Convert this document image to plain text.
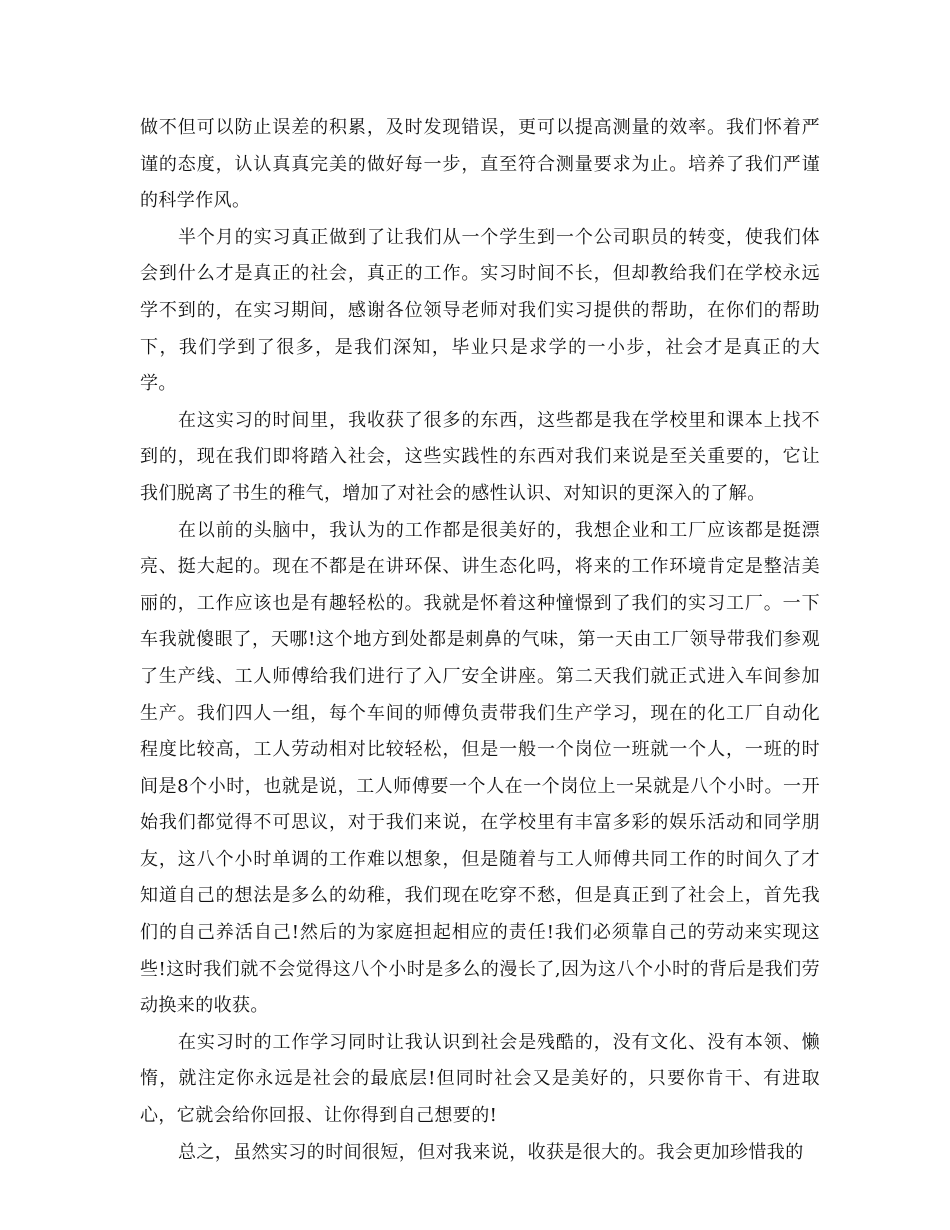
做不但可以防止误差的积累，及时发现错误，更可以提高测量的效率。我们怀着严谨的态度，认认真真完美的做好每一步，直至符合测量要求为止。培养了我们严谨的科学作风。

半个月的实习真正做到了让我们从一个学生到一个公司职员的转变，使我们体会到什么才是真正的社会，真正的工作。实习时间不长，但却教给我们在学校永远学不到的，在实习期间，感谢各位领导老师对我们实习提供的帮助，在你们的帮助下，我们学到了很多，是我们深知，毕业只是求学的一小步，社会才是真正的大学。

在这实习的时间里，我收获了很多的东西，这些都是我在学校里和课本上找不到的，现在我们即将踏入社会，这些实践性的东西对我们来说是至关重要的，它让我们脱离了书生的稚气，增加了对社会的感性认识、对知识的更深入的了解。

在以前的头脑中，我认为的工作都是很美好的，我想企业和工厂应该都是挺漂亮、挺大起的。现在不都是在讲环保、讲生态化吗，将来的工作环境肯定是整洁美丽的，工作应该也是有趣轻松的。我就是怀着这种憧憬到了我们的实习工厂。一下车我就傻眼了，天哪!这个地方到处都是刺鼻的气味，第一天由工厂领导带我们参观了生产线、工人师傅给我们进行了入厂安全讲座。第二天我们就正式进入车间参加生产。我们四人一组，每个车间的师傅负责带我们生产学习，现在的化工厂自动化程度比较高，工人劳动相对比较轻松，但是一般一个岗位一班就一个人，一班的时间是8个小时，也就是说，工人师傅要一个人在一个岗位上一呆就是八个小时。一开始我们都觉得不可思议，对于我们来说，在学校里有丰富多彩的娱乐活动和同学朋友，这八个小时单调的工作难以想象，但是随着与工人师傅共同工作的时间久了才知道自己的想法是多么的幼稚，我们现在吃穿不愁，但是真正到了社会上，首先我们的自己养活自己!然后的为家庭担起相应的责任!我们必须靠自己的劳动来实现这些!这时我们就不会觉得这八个小时是多么的漫长了,因为这八个小时的背后是我们劳动换来的收获。

在实习时的工作学习同时让我认识到社会是残酷的，没有文化、没有本领、懒惰，就注定你永远是社会的最底层!但同时社会又是美好的，只要你肯干、有进取心，它就会给你回报、让你得到自己想要的!

总之，虽然实习的时间很短，但对我来说，收获是很大的。我会更加珍惜我的
